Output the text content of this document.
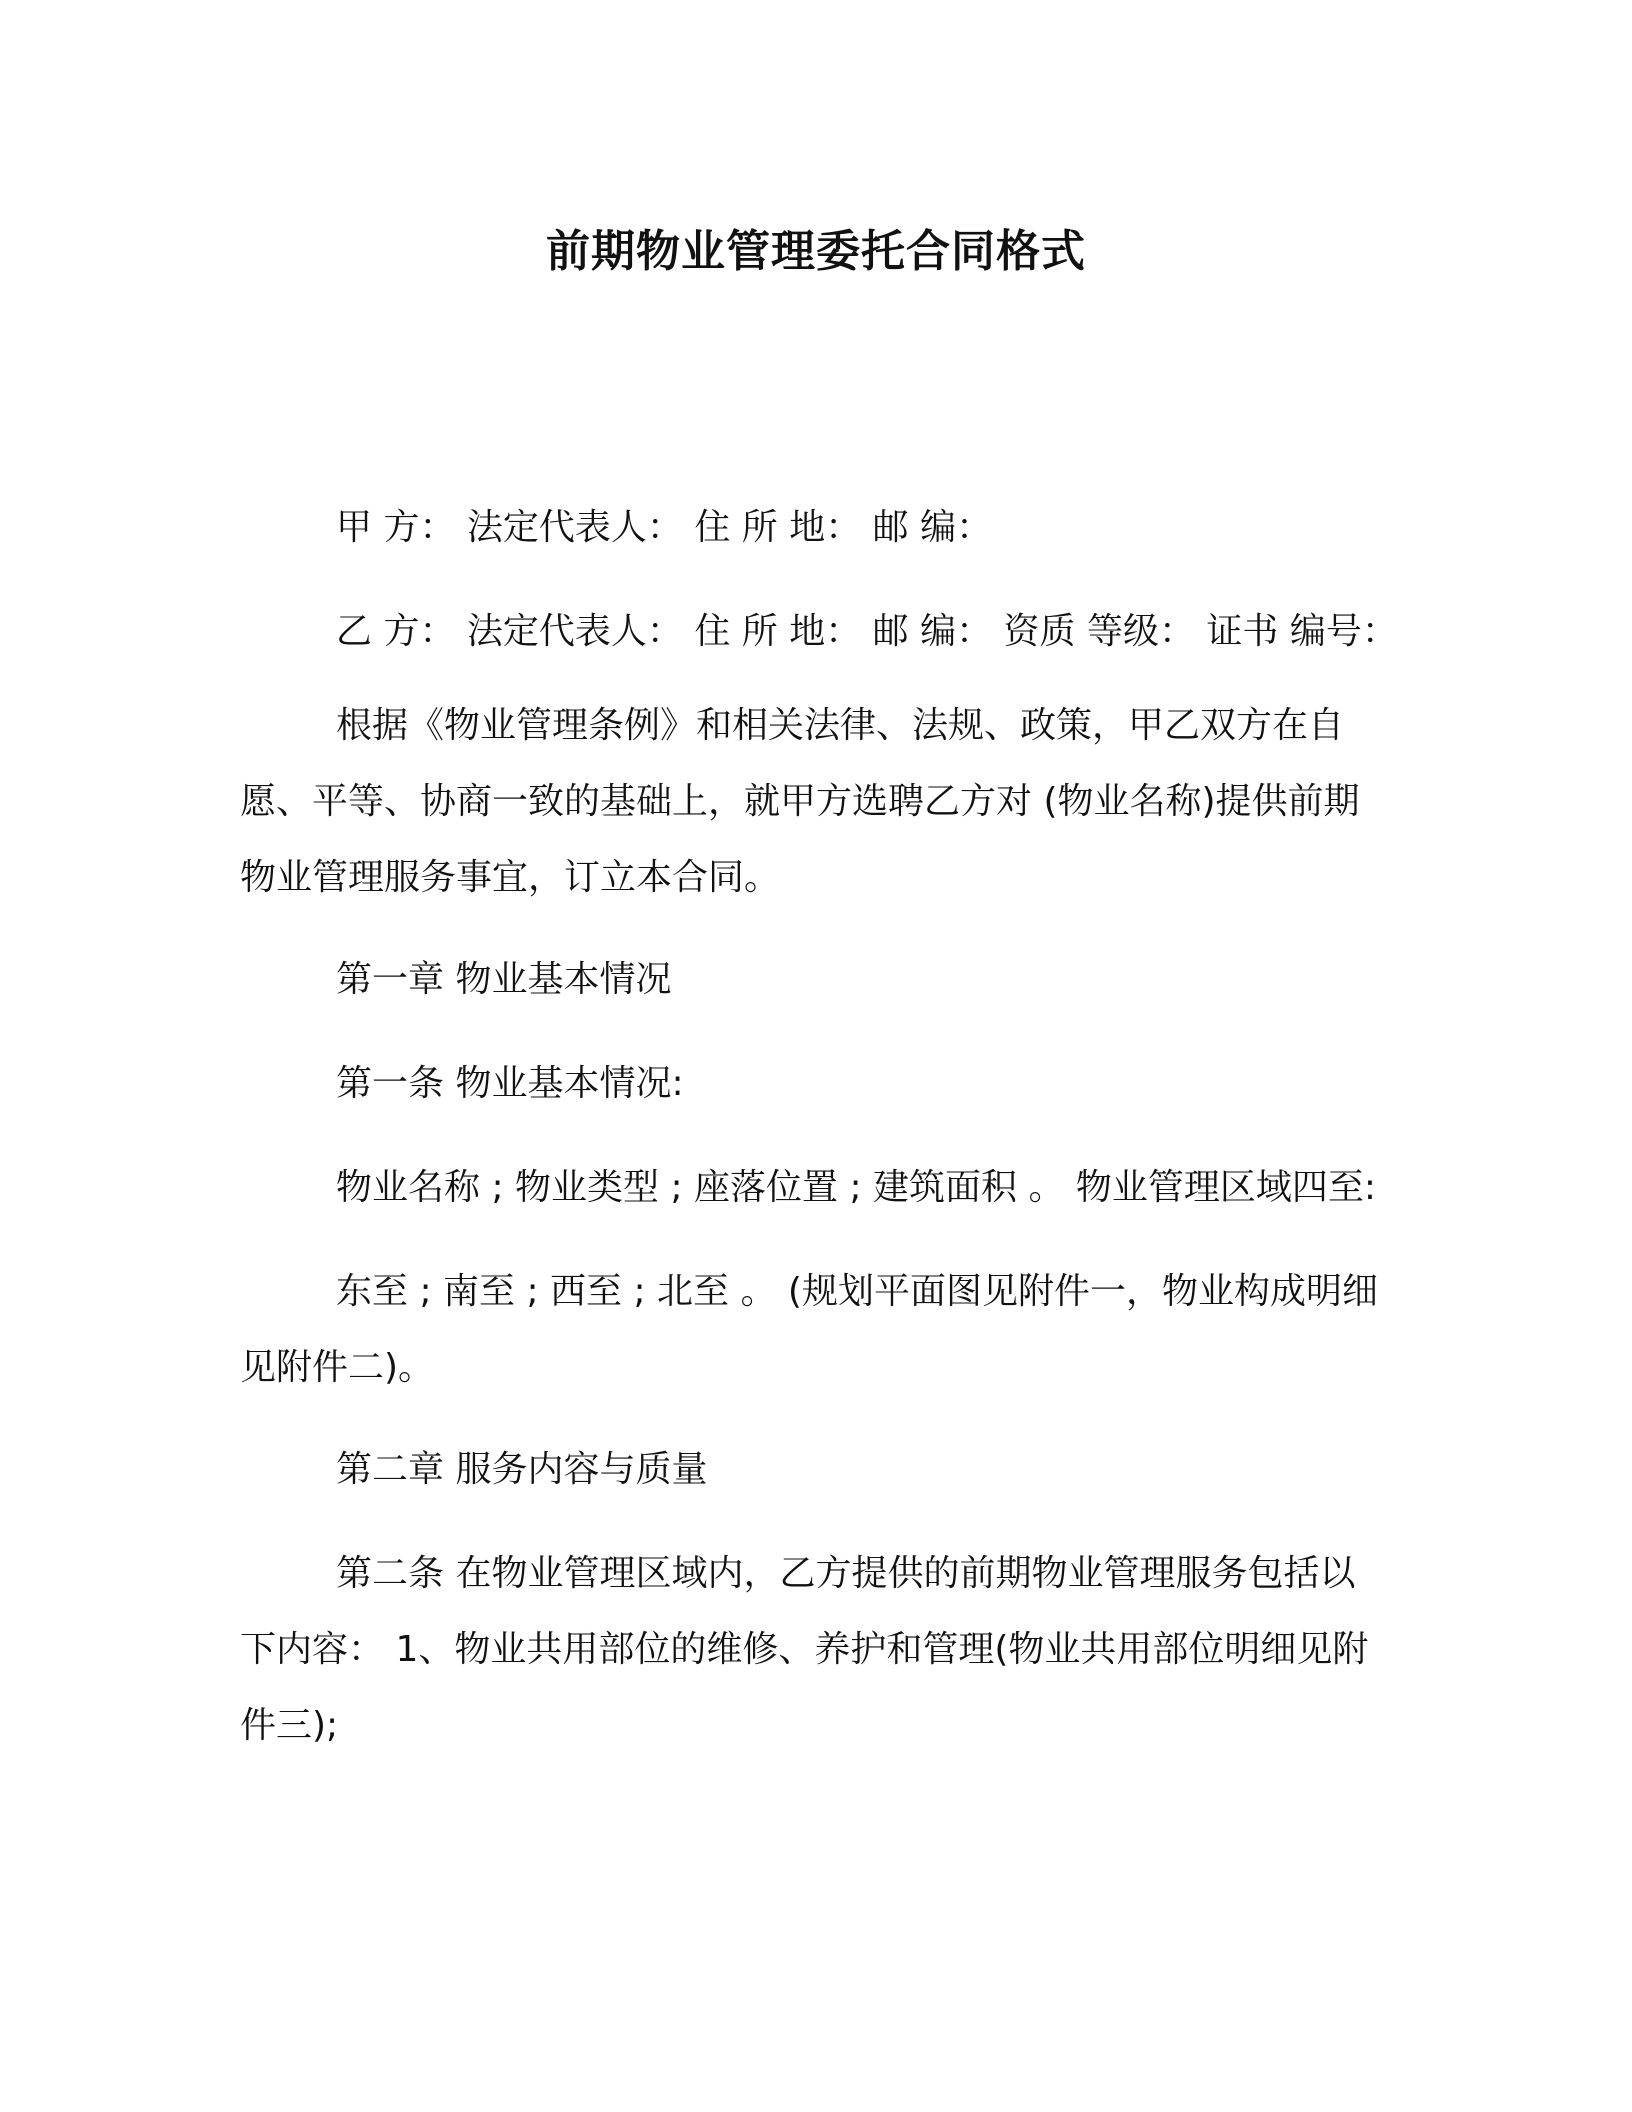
前期物业管理委托合同格式

甲 方： 法定代表人： 住 所 地： 邮 编：

乙 方： 法定代表人： 住 所 地： 邮 编： 资质 等级： 证书 编号：

根据《物业管理条例》和相关法律、法规、政策，甲乙双方在自愿、平等、协商一致的基础上，就甲方选聘乙方对 (物业名称)提供前期物业管理服务事宜，订立本合同。

第一章 物业基本情况

第一条 物业基本情况:

物业名称 ; 物业类型 ; 座落位置 ; 建筑面积 。 物业管理区域四至:

东至 ; 南至 ; 西至 ; 北至 。 (规划平面图见附件一，物业构成明细见附件二)。

第二章 服务内容与质量

第二条 在物业管理区域内，乙方提供的前期物业管理服务包括以下内容： 1、物业共用部位的维修、养护和管理(物业共用部位明细见附件三);
